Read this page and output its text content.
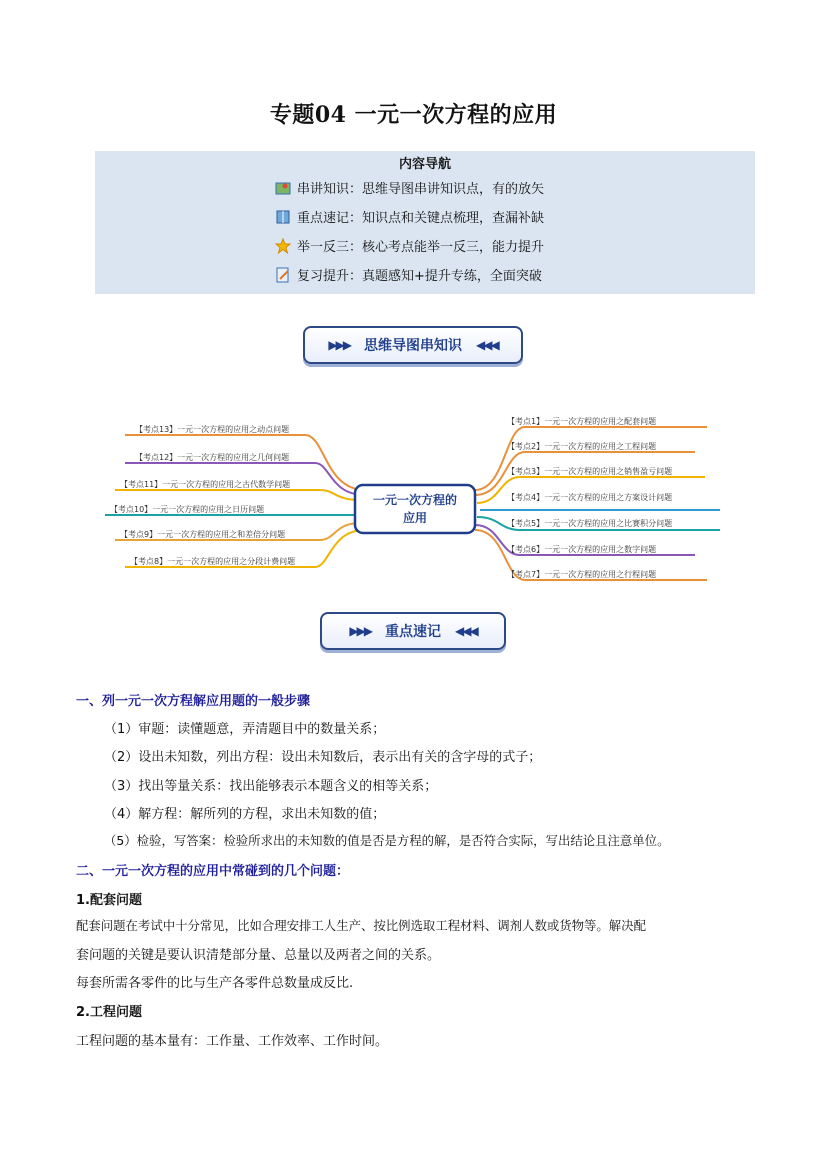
专题04 一元一次方程的应用
内容导航
串讲知识：思维导图串讲知识点，有的放矢
重点速记：知识点和关键点梳理，查漏补缺
举一反三：核心考点能举一反三，能力提升
复习提升：真题感知+提升专练，全面突破
▶▶▶ 思维导图串知识 ◀◀◀
一元一次方程的
应用
【考点13】一元一次方程的应用之动点问题
【考点12】一元一次方程的应用之几何问题
【考点11】一元一次方程的应用之古代数学问题
【考点10】一元一次方程的应用之日历问题
【考点9】一元一次方程的应用之和差倍分问题
【考点8】一元一次方程的应用之分段计费问题
【考点1】一元一次方程的应用之配套问题
【考点2】一元一次方程的应用之工程问题
【考点3】一元一次方程的应用之销售盈亏问题
【考点4】一元一次方程的应用之方案设计问题
【考点5】一元一次方程的应用之比赛积分问题
【考点6】一元一次方程的应用之数字问题
【考点7】一元一次方程的应用之行程问题
▶▶▶ 重点速记 ◀◀◀
一、列一元一次方程解应用题的一般步骤
（1）审题：读懂题意，弄清题目中的数量关系；
（2）设出未知数，列出方程：设出未知数后，表示出有关的含字母的式子；
（3）找出等量关系：找出能够表示本题含义的相等关系；
（4）解方程：解所列的方程，求出未知数的值；
（5）检验，写答案：检验所求出的未知数的值是否是方程的解，是否符合实际，写出结论且注意单位。
二、一元一次方程的应用中常碰到的几个问题：
1.配套问题
配套问题在考试中十分常见，比如合理安排工人生产、按比例选取工程材料、调剂人数或货物等。解决配
套问题的关键是要认识清楚部分量、总量以及两者之间的关系。
每套所需各零件的比与生产各零件总数量成反比.
2.工程问题
工程问题的基本量有：工作量、工作效率、工作时间。
